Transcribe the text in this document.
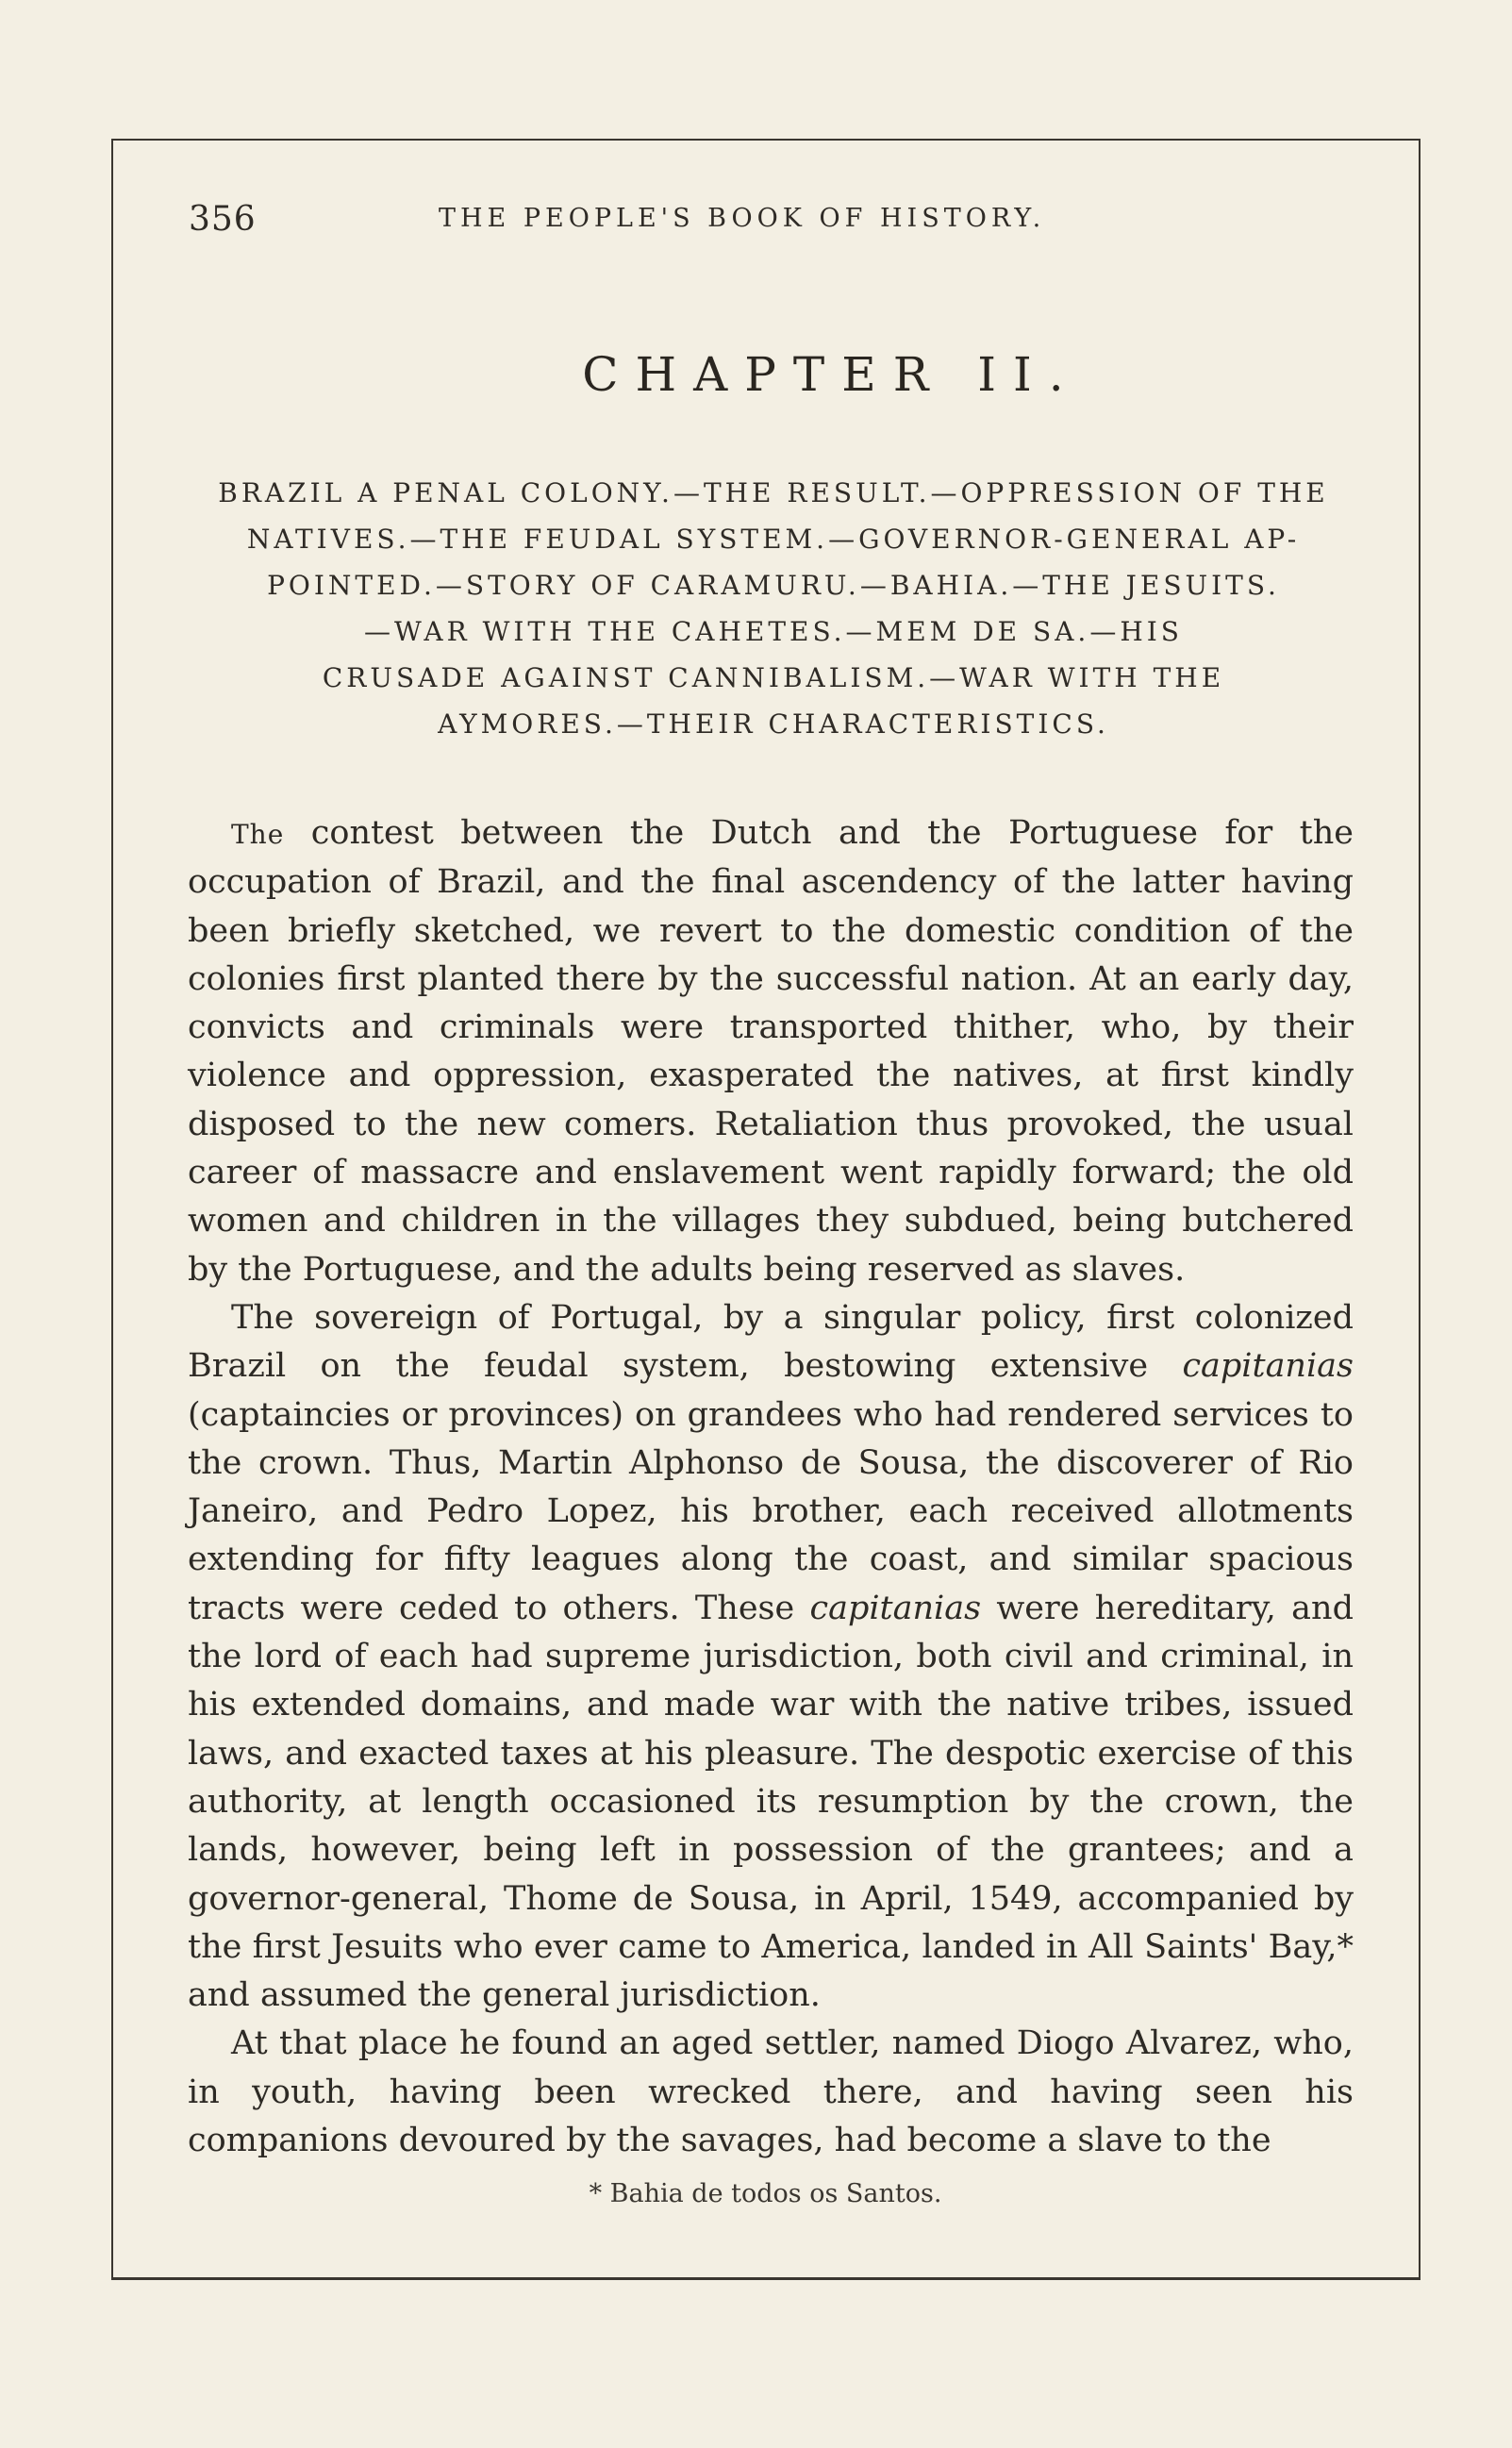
356	THE PEOPLE'S BOOK OF HISTORY.
CHAPTER II.
BRAZIL A PENAL COLONY.—THE RESULT.—OPPRESSION OF THE
NATIVES.—THE FEUDAL SYSTEM.—GOVERNOR-GENERAL AP-
POINTED.—STORY OF CARAMURU.—BAHIA.—THE JESUITS.
—WAR WITH THE CAHETES.—MEM DE SA.—HIS
CRUSADE AGAINST CANNIBALISM.—WAR WITH THE
AYMORES.—THEIR CHARACTERISTICS.

The contest between the Dutch and the Portuguese for the occupation of Brazil, and the final ascendency of the latter having been briefly sketched, we revert to the domestic condition of the colonies first planted there by the successful nation. At an early day, convicts and criminals were transported thither, who, by their violence and oppression, exasperated the natives, at first kindly disposed to the new comers. Retaliation thus provoked, the usual career of massacre and enslavement went rapidly forward; the old women and children in the villages they subdued, being butchered by the Portuguese, and the adults being reserved as slaves.

The sovereign of Portugal, by a singular policy, first colonized Brazil on the feudal system, bestowing extensive capitanias (captaincies or provinces) on grandees who had rendered services to the crown. Thus, Martin Alphonso de Sousa, the discoverer of Rio Janeiro, and Pedro Lopez, his brother, each received allotments extending for fifty leagues along the coast, and similar spacious tracts were ceded to others. These capitanias were hereditary, and the lord of each had supreme jurisdiction, both civil and criminal, in his extended domains, and made war with the native tribes, issued laws, and exacted taxes at his pleasure. The despotic exercise of this authority, at length occasioned its resumption by the crown, the lands, however, being left in possession of the grantees; and a governor-general, Thome de Sousa, in April, 1549, accompanied by the first Jesuits who ever came to America, landed in All Saints' Bay,* and assumed the general jurisdiction.

At that place he found an aged settler, named Diogo Alvarez, who, in youth, having been wrecked there, and having seen his companions devoured by the savages, had become a slave to the

* Bahia de todos os Santos.
